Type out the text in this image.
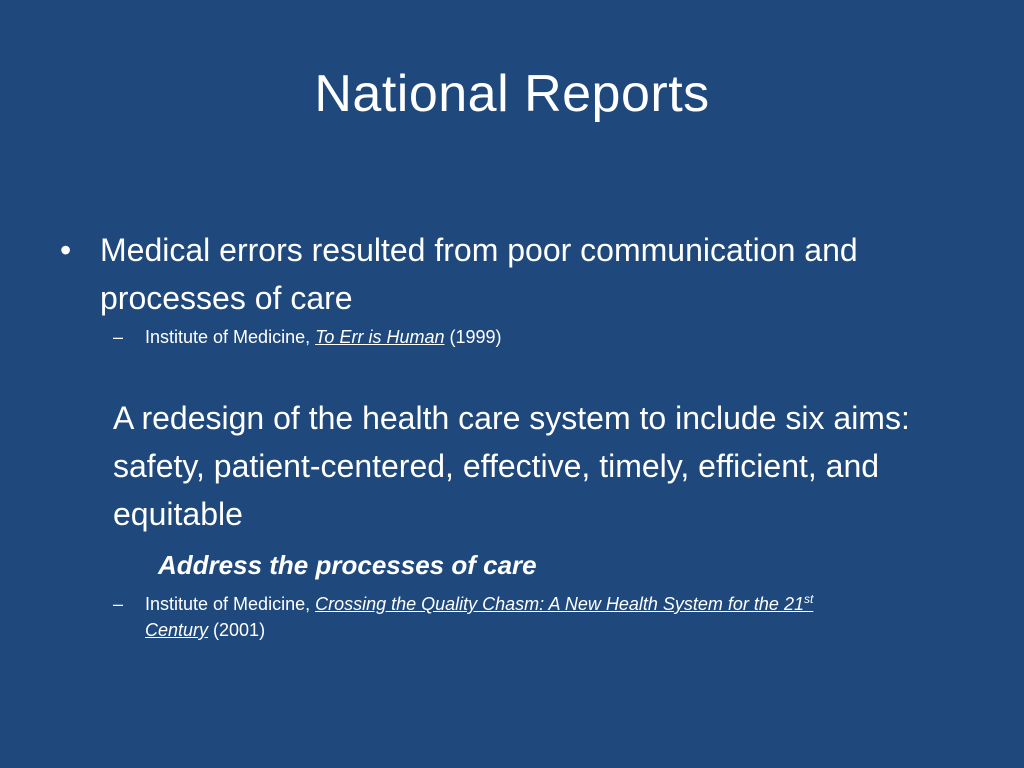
National Reports
• Medical errors resulted from poor communication and processes of care
– Institute of Medicine, To Err is Human (1999)
A redesign of the health care system to include six aims: safety, patient-centered, effective, timely, efficient, and equitable
Address the processes of care
– Institute of Medicine, Crossing the Quality Chasm: A New Health System for the 21st
Century (2001)
